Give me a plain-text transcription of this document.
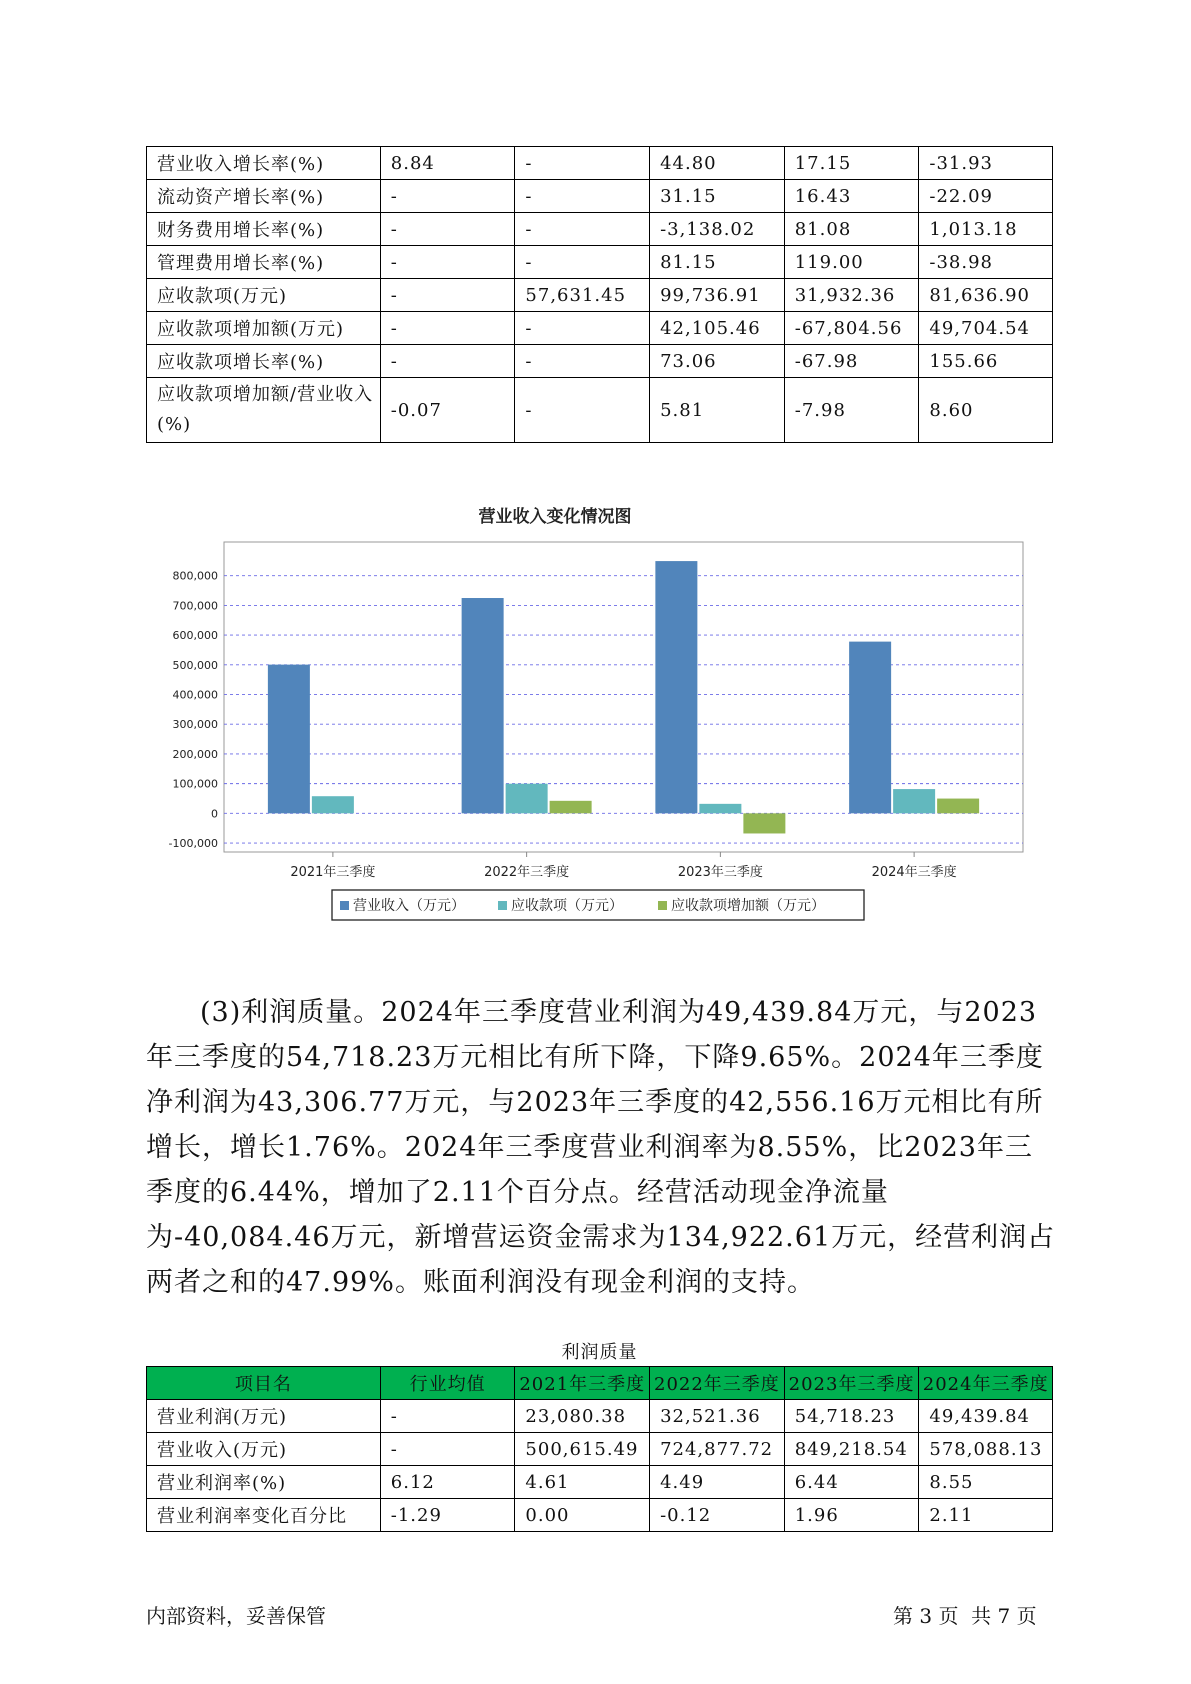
营业收入增长率(%)	8.84	-	44.80	17.15	-31.93
流动资产增长率(%)	-	-	31.15	16.43	-22.09
财务费用增长率(%)	-	-	-3,138.02	81.08	1,013.18
管理费用增长率(%)	-	-	81.15	119.00	-38.98
应收款项(万元)	-	57,631.45	99,736.91	31,932.36	81,636.90
应收款项增加额(万元)	-	-	42,105.46	-67,804.56	49,704.54
应收款项增长率(%)	-	-	73.06	-67.98	155.66
应收款项增加额/营业收入(%)	-0.07	-	5.81	-7.98	8.60
营业收入变化情况图
800,000
700,000
600,000
500,000
400,000
300,000
200,000
100,000
0
-100,000
2021年三季度	2022年三季度	2023年三季度	2024年三季度
营业收入（万元）	应收款项（万元）	应收款项增加额（万元）

(3)利润质量。2024年三季度营业利润为49,439.84万元，与2023年三季度的54,718.23万元相比有所下降，下降9.65%。2024年三季度净利润为43,306.77万元，与2023年三季度的42,556.16万元相比有所增长，增长1.76%。2024年三季度营业利润率为8.55%，比2023年三季度的6.44%，增加了2.11个百分点。经营活动现金净流量为-40,084.46万元，新增营运资金需求为134,922.61万元，经营利润占两者之和的47.99%。账面利润没有现金利润的支持。

利润质量
项目名	行业均值	2021年三季度	2022年三季度	2023年三季度	2024年三季度
营业利润(万元)	-	23,080.38	32,521.36	54,718.23	49,439.84
营业收入(万元)	-	500,615.49	724,877.72	849,218.54	578,088.13
营业利润率(%)	6.12	4.61	4.49	6.44	8.55
营业利润率变化百分比	-1.29	0.00	-0.12	1.96	2.11
内部资料，妥善保管	第 3 页  共 7 页
